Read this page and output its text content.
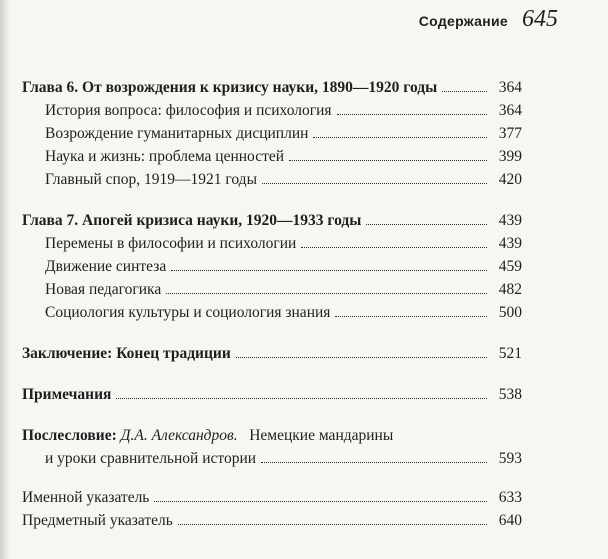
Содержание 645
Глава 6. От возрождения к кризису науки, 1890—1920 годы	364
История вопроса: философия и психология	364
Возрождение гуманитарных дисциплин	377
Наука и жизнь: проблема ценностей	399
Главный спор, 1919—1921 годы	420
Глава 7. Апогей кризиса науки, 1920—1933 годы	439
Перемены в философии и психологии	439
Движение синтеза	459
Новая педагогика	482
Социология культуры и социология знания	500
Заключение: Конец традиции	521
Примечания	538
Послесловие: Д.А. Александров. Немецкие мандарины
и уроки сравнительной истории	593
Именной указатель	633
Предметный указатель	640
